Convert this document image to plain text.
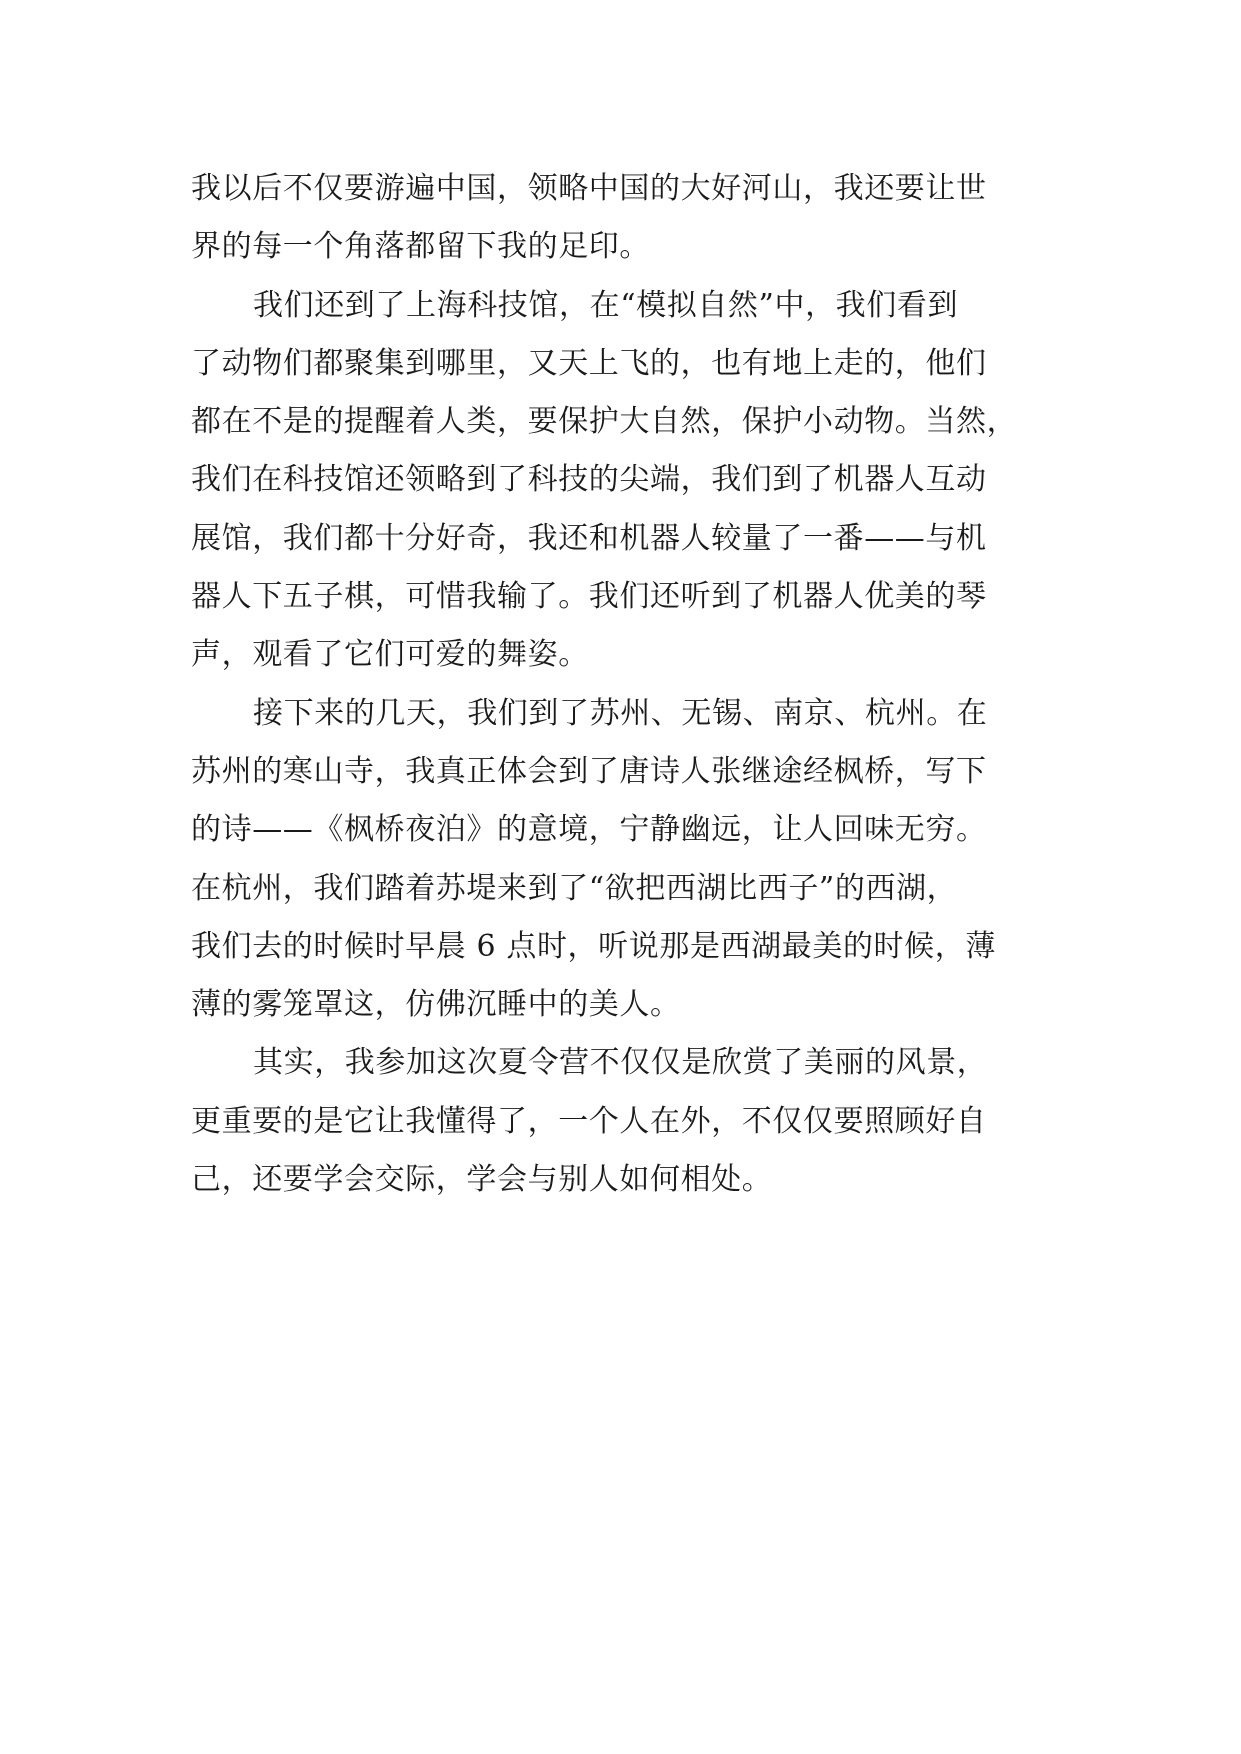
我以后不仅要游遍中国，领略中国的大好河山，我还要让世
界的每一个角落都留下我的足印。
我们还到了上海科技馆，在“模拟自然”中，我们看到
了动物们都聚集到哪里，又天上飞的，也有地上走的，他们
都在不是的提醒着人类，要保护大自然，保护小动物。当然，
我们在科技馆还领略到了科技的尖端，我们到了机器人互动
展馆，我们都十分好奇，我还和机器人较量了一番——与机
器人下五子棋，可惜我输了。我们还听到了机器人优美的琴
声，观看了它们可爱的舞姿。
接下来的几天，我们到了苏州、无锡、南京、杭州。在
苏州的寒山寺，我真正体会到了唐诗人张继途经枫桥，写下
的诗——《枫桥夜泊》的意境，宁静幽远，让人回味无穷。
在杭州，我们踏着苏堤来到了“欲把西湖比西子”的西湖，
我们去的时候时早晨 6 点时，听说那是西湖最美的时候，薄
薄的雾笼罩这，仿佛沉睡中的美人。
其实，我参加这次夏令营不仅仅是欣赏了美丽的风景，
更重要的是它让我懂得了，一个人在外，不仅仅要照顾好自
己，还要学会交际，学会与别人如何相处。
